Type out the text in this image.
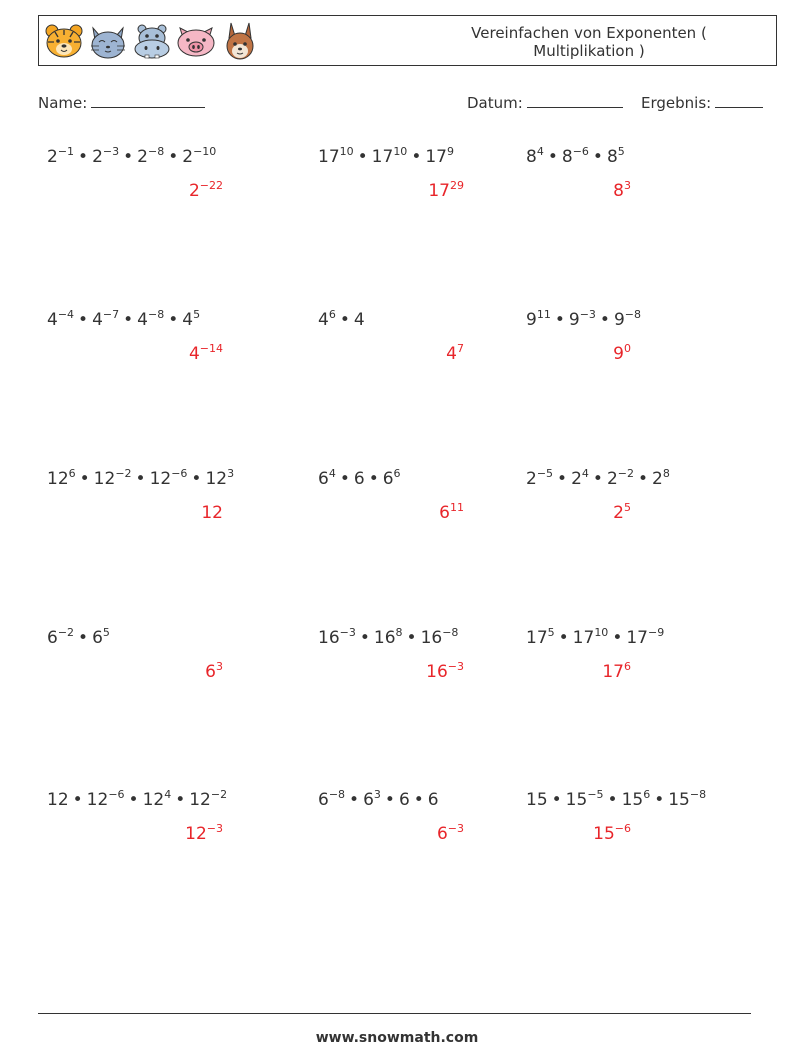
Vereinfachen von Exponenten (
Multiplikation )
Name:	Datum:	Ergebnis:
$2^{-1}$ • $2^{-3}$ • $2^{-8}$ • $2^{-10}$
$2^{-22}$
$17^{10}$ • $17^{10}$ • $17^9$
$17^{29}$
$8^4$ • $8^{-6}$ • $8^5$
$8^3$
$4^{-4}$ • $4^{-7}$ • $4^{-8}$ • $4^5$
$4^{-14}$
$4^6$ • 4
$4^7$
$9^{11}$ • $9^{-3}$ • $9^{-8}$
$9^0$
$12^6$ • $12^{-2}$ • $12^{-6}$ • $12^3$
12
$6^4$ • 6 • $6^6$
$6^{11}$
$2^{-5}$ • $2^4$ • $2^{-2}$ • $2^8$
$2^5$
$6^{-2}$ • $6^5$
$6^3$
$16^{-3}$ • $16^8$ • $16^{-8}$
$16^{-3}$
$17^5$ • $17^{10}$ • $17^{-9}$
$17^6$
12 • $12^{-6}$ • $12^4$ • $12^{-2}$
$12^{-3}$
$6^{-8}$ • $6^3$ • 6 • 6
$6^{-3}$
15 • $15^{-5}$ • $15^6$ • $15^{-8}$
$15^{-6}$
www.snowmath.com
